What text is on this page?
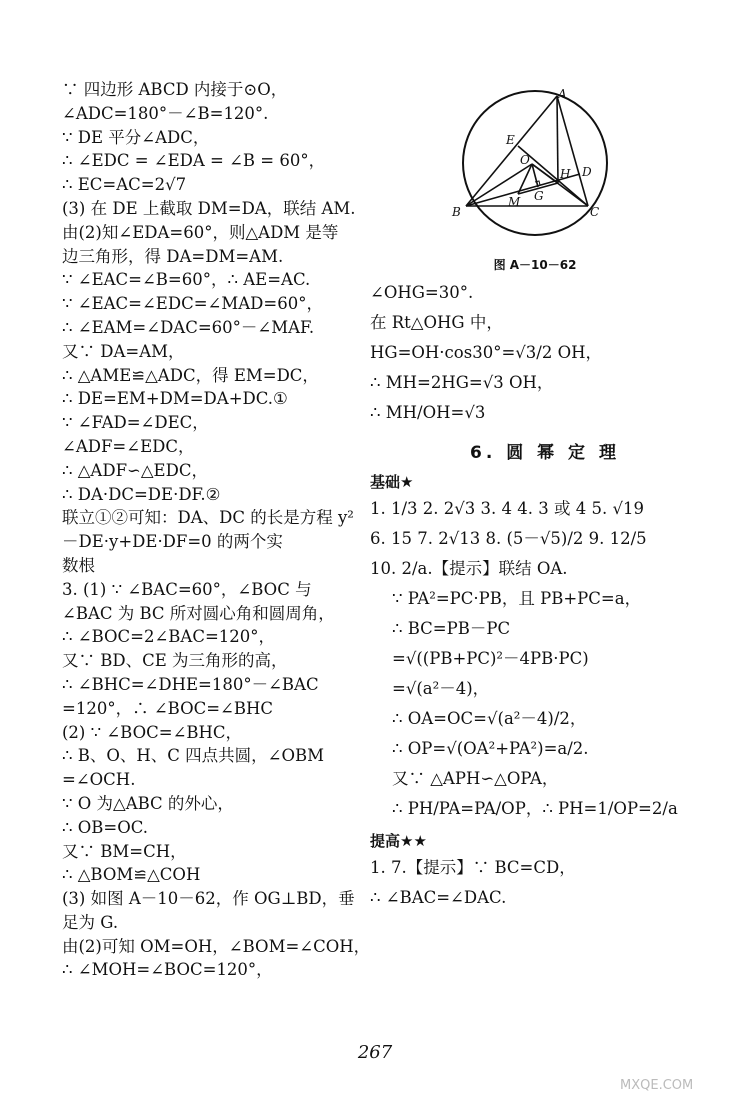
∵ 四边形 ABCD 内接于⊙O，
∠ADC=180°－∠B=120°.
∵ DE 平分∠ADC，
∴ ∠EDC = ∠EDA = ∠B = 60°，
∴ EC=AC=2√7
(3) 在 DE 上截取 DM=DA，联结 AM.
由(2)知∠EDA=60°，则△ADM 是等
边三角形，得 DA=DM=AM.
∵ ∠EAC=∠B=60°，∴ AE=AC.
∵ ∠EAC=∠EDC=∠MAD=60°，
∴ ∠EAM=∠DAC=60°－∠MAF.
又∵ DA=AM，
∴ △AME≌△ADC，得 EM=DC，
∴ DE=EM+DM=DA+DC.①
∵ ∠FAD=∠DEC，
∠ADF=∠EDC，
∴ △ADF∽△EDC，
∴ DA·DC=DE·DF.②
联立①②可知：DA、DC 的长是方程 y²
－DE·y+DE·DF=0 的两个实
数根
3. (1) ∵ ∠BAC=60°，∠BOC 与
∠BAC 为 BC 所对圆心角和圆周角，
∴ ∠BOC=2∠BAC=120°，
又∵ BD、CE 为三角形的高，
∴ ∠BHC=∠DHE=180°－∠BAC
=120°，∴ ∠BOC=∠BHC
(2) ∵ ∠BOC=∠BHC，
∴ B、O、H、C 四点共圆，∠OBM
=∠OCH.
∵ O 为△ABC 的外心，
∴ OB=OC.
又∵ BM=CH，
∴ △BOM≌△COH
(3) 如图 A－10－62，作 OG⊥BD，垂
足为 G.
由(2)可知 OM=OH，∠BOM=∠COH，
∴ ∠MOH=∠BOC=120°，
A
E
O
H D
G
M
B	C
图 A－10－62
∠OHG=30°.
在 Rt△OHG 中，
HG=OH·cos30°=√3/2 OH，
∴ MH=2HG=√3 OH，
∴ MH/OH=√3
6. 圆 幂 定 理
基础★
1. 1/3 2. 2√3 3. 4 4. 3 或 4 5. √19
6. 15 7. 2√13 8. (5－√5)/2 9. 12/5
10. 2/a.【提示】联结 OA.
∵ PA²=PC·PB，且 PB+PC=a，
∴ BC=PB－PC
=√((PB+PC)²－4PB·PC)
=√(a²－4)，
∴ OA=OC=√(a²－4)/2，
∴ OP=√(OA²+PA²)=a/2.
又∵ △APH∽△OPA，
∴ PH/PA=PA/OP，∴ PH=1/OP=2/a
提高★★
1. 7.【提示】∵ BC=CD，
∴ ∠BAC=∠DAC.
267
MXQE.COM
